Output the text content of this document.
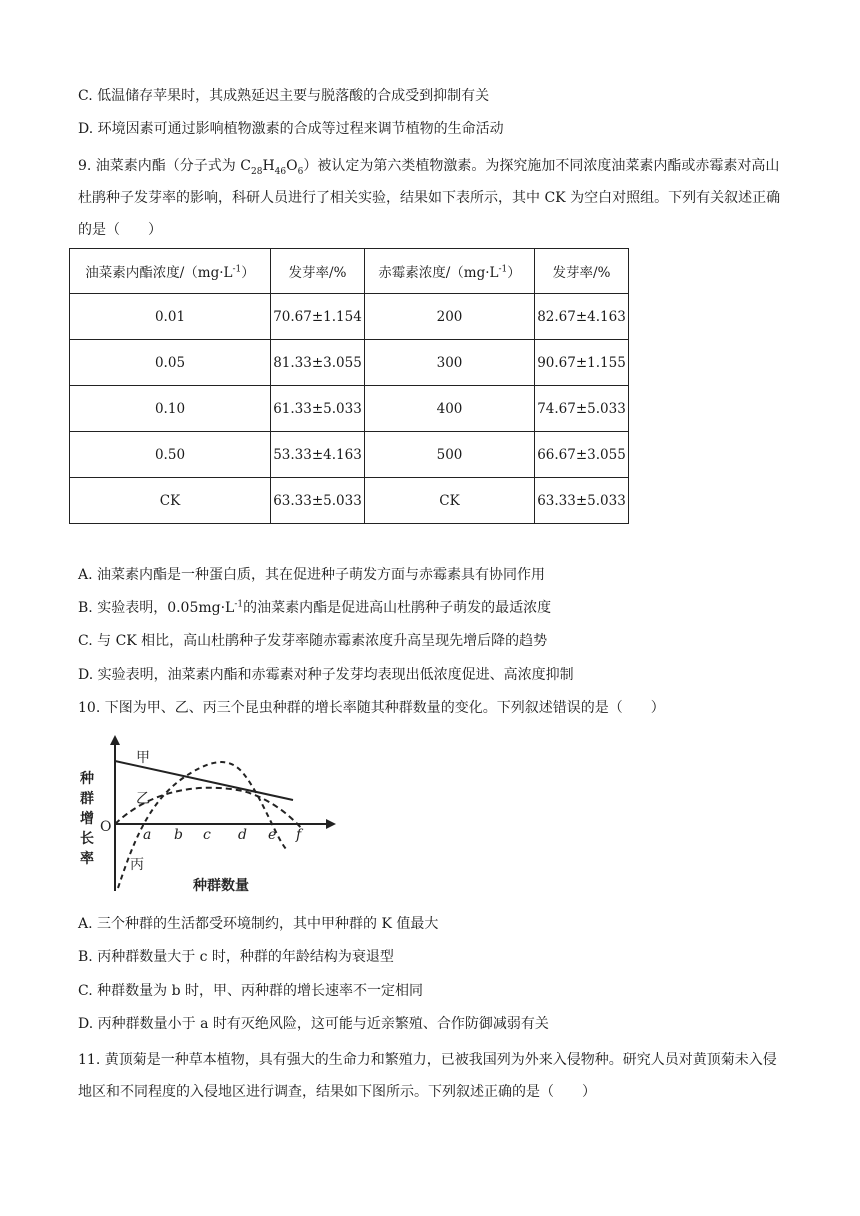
C. 低温储存苹果时，其成熟延迟主要与脱落酸的合成受到抑制有关
D. 环境因素可通过影响植物激素的合成等过程来调节植物的生命活动
9. 油菜素内酯（分子式为 $C_{28}H_{46}O_6$）被认定为第六类植物激素。为探究施加不同浓度油菜素内酯或赤霉素对高山杜鹃种子发芽率的影响，科研人员进行了相关实验，结果如下表所示，其中 CK 为空白对照组。下列有关叙述正确的是（　　）
油菜素内酯浓度$/(mg\cdot L^{-1})$	发芽率/%	赤霉素浓度$/(mg\cdot L^{-1})$	发芽率/%
0.01	70.67±1.154	200	82.67±4.163
0.05	81.33±3.055	300	90.67±1.155
0.10	61.33±5.033	400	74.67±5.033
0.50	53.33±4.163	500	66.67±3.055
CK	63.33±5.033	CK	63.33±5.033
A. 油菜素内酯是一种蛋白质，其在促进种子萌发方面与赤霉素具有协同作用
B. 实验表明，$0.05mg\cdot L^{-1}$的油菜素内酯是促进高山杜鹃种子萌发的最适浓度
C. 与 CK 相比，高山杜鹃种子发芽率随赤霉素浓度升高呈现先增后降的趋势
D. 实验表明，油菜素内酯和赤霉素对种子发芽均表现出低浓度促进、高浓度抑制
10. 下图为甲、乙、丙三个昆虫种群的增长率随其种群数量的变化。下列叙述错误的是（　　）
种
群
增
长
率
O a b c d e f
甲
乙
丙
种群数量
A. 三个种群的生活都受环境制约，其中甲种群的 K 值最大
B. 丙种群数量大于 c 时，种群的年龄结构为衰退型
C. 种群数量为 b 时，甲、丙种群的增长速率不一定相同
D. 丙种群数量小于 a 时有灭绝风险，这可能与近亲繁殖、合作防御减弱有关
11. 黄顶菊是一种草本植物，具有强大的生命力和繁殖力，已被我国列为外来入侵物种。研究人员对黄顶菊未入侵地区和不同程度的入侵地区进行调查，结果如下图所示。下列叙述正确的是（　　）
